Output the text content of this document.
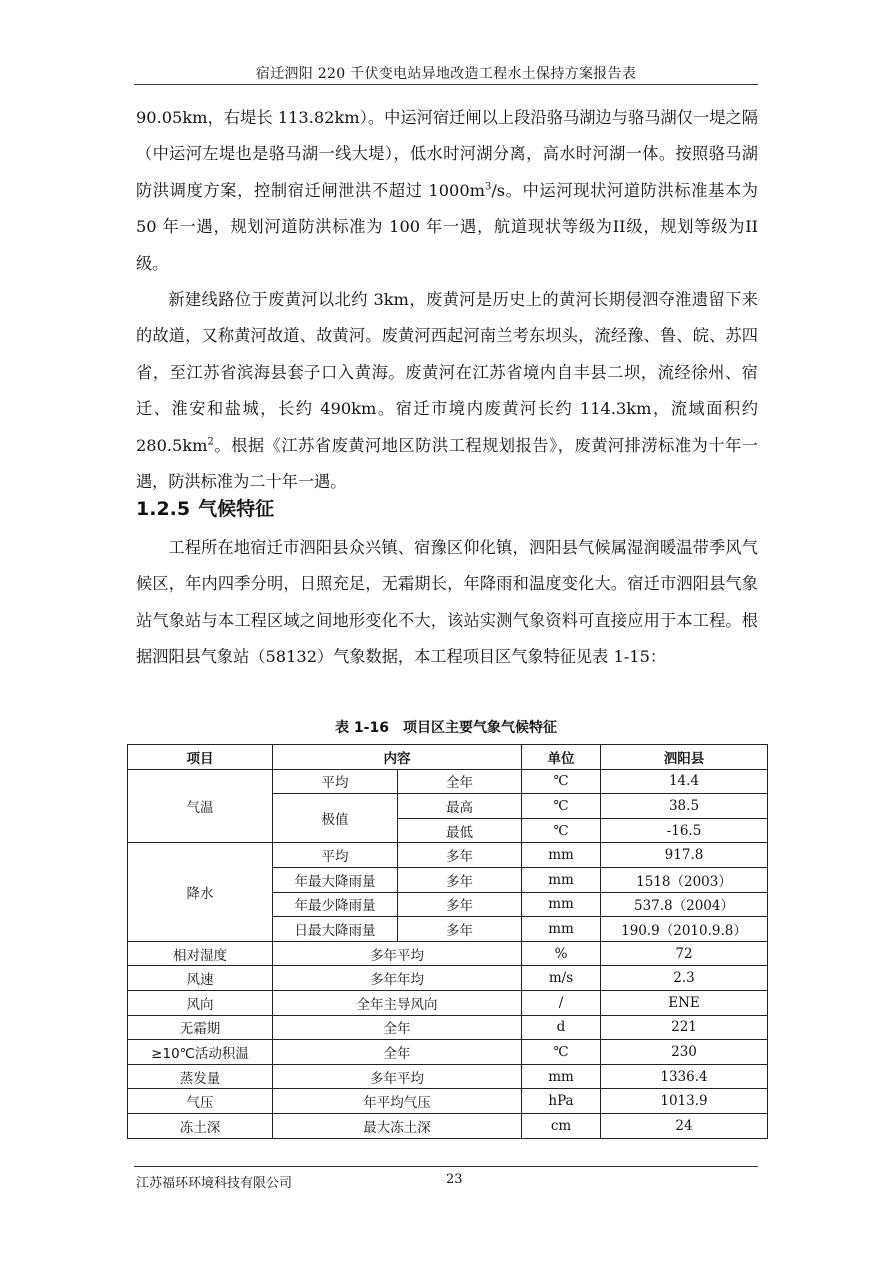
宿迁泗阳 220 千伏变电站异地改造工程水土保持方案报告表

90.05km，右堤长 113.82km）。中运河宿迁闸以上段沿骆马湖边与骆马湖仅一堤之隔（中运河左堤也是骆马湖一线大堤），低水时河湖分离，高水时河湖一体。按照骆马湖防洪调度方案，控制宿迁闸泄洪不超过 $1000m^3/s$。中运河现状河道防洪标准基本为 50 年一遇，规划河道防洪标准为 100 年一遇，航道现状等级为II级，规划等级为II级。

新建线路位于废黄河以北约 3km，废黄河是历史上的黄河长期侵泗夺淮遗留下来的故道，又称黄河故道、故黄河。废黄河西起河南兰考东坝头，流经豫、鲁、皖、苏四省，至江苏省滨海县套子口入黄海。废黄河在江苏省境内自丰县二坝，流经徐州、宿迁、淮安和盐城，长约 490km。宿迁市境内废黄河长约 114.3km，流域面积约 $280.5km^2$。根据《江苏省废黄河地区防洪工程规划报告》，废黄河排涝标准为十年一遇，防洪标准为二十年一遇。

1.2.5 气候特征

工程所在地宿迁市泗阳县众兴镇、宿豫区仰化镇，泗阳县气候属湿润暖温带季风气候区，年内四季分明，日照充足，无霜期长，年降雨和温度变化大。宿迁市泗阳县气象站气象站与本工程区域之间地形变化不大，该站实测气象资料可直接应用于本工程。根据泗阳县气象站（58132）气象数据，本工程项目区气象特征见表 1-15：

表 1-16 项目区主要气象气候特征
项目	内容		单位	泗阳县
气温	平均	全年	℃	14.4
	极值	最高	℃	38.5
		最低	℃	-16.5
降水	平均	多年	mm	917.8
	年最大降雨量	多年	mm	1518（2003）
	年最少降雨量	多年	mm	537.8（2004）
	日最大降雨量	多年	mm	190.9（2010.9.8）
相对湿度	多年平均		%	72
风速	多年年均		m/s	2.3
风向	全年主导风向		/	ENE
无霜期	全年		d	221
≥10℃活动积温	全年		℃	230
蒸发量	多年平均		mm	1336.4
气压	年平均气压		hPa	1013.9
冻土深	最大冻土深		cm	24
江苏福环环境科技有限公司	23
